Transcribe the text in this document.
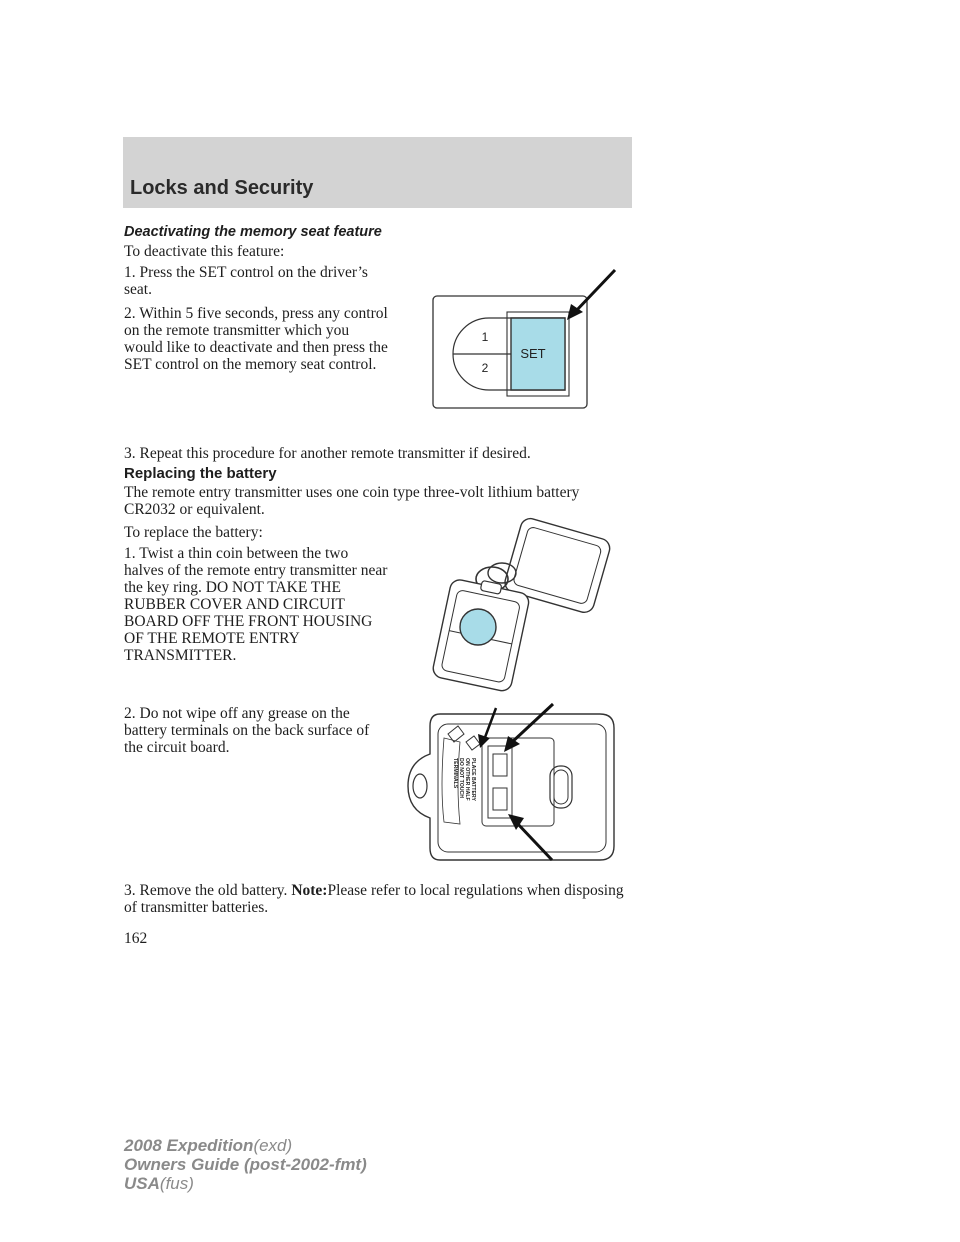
Locks and Security

Deactivating the memory seat feature

To deactivate this feature:

1. Press the SET control on the driver’s seat.

2. Within 5 five seconds, press any control on the remote transmitter which you would like to deactivate and then press the SET control on the memory seat control.

1
2
SET

3. Repeat this procedure for another remote transmitter if desired.

Replacing the battery

The remote entry transmitter uses one coin type three-volt lithium battery CR2032 or equivalent.

To replace the battery:

1. Twist a thin coin between the two halves of the remote entry transmitter near the key ring. DO NOT TAKE THE RUBBER COVER AND CIRCUIT BOARD OFF THE FRONT HOUSING OF THE REMOTE ENTRY TRANSMITTER.

2. Do not wipe off any grease on the battery terminals on the back surface of the circuit board.

PLACE BATTERY
ON OTHER HALF
DO NOT TOUCH
TERMINALS

3. Remove the old battery. Note:Please refer to local regulations when disposing of transmitter batteries.

162

2008 Expedition(exd)
Owners Guide (post-2002-fmt)
USA(fus)
